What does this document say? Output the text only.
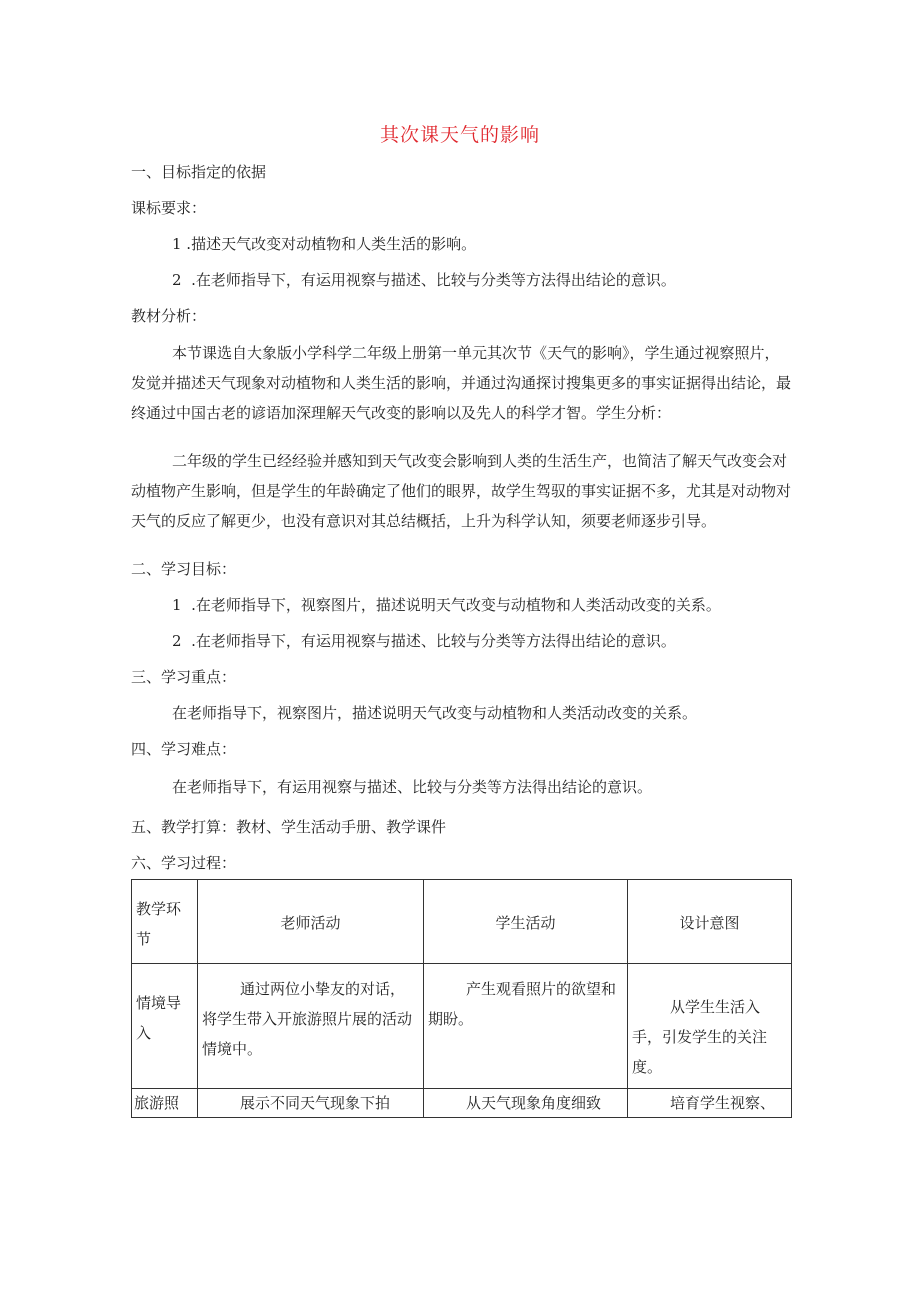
其次课天气的影响
一、目标指定的依据
课标要求：
1 .描述天气改变对动植物和人类生活的影响。
2  .在老师指导下，有运用视察与描述、比较与分类等方法得出结论的意识。
教材分析：
本节课选自大象版小学科学二年级上册第一单元其次节《天气的影响》，学生通过视察照片，发觉并描述天气现象对动植物和人类生活的影响，并通过沟通探讨搜集更多的事实证据得出结论，最终通过中国古老的谚语加深理解天气改变的影响以及先人的科学才智。学生分析：
二年级的学生已经经验并感知到天气改变会影响到人类的生活生产，也简洁了解天气改变会对动植物产生影响，但是学生的年龄确定了他们的眼界，故学生驾驭的事实证据不多，尤其是对动物对天气的反应了解更少，也没有意识对其总结概括，上升为科学认知，须要老师逐步引导。
二、学习目标：
1  .在老师指导下，视察图片，描述说明天气改变与动植物和人类活动改变的关系。
2  .在老师指导下，有运用视察与描述、比较与分类等方法得出结论的意识。
三、学习重点：
在老师指导下，视察图片，描述说明天气改变与动植物和人类活动改变的关系。
四、学习难点：
在老师指导下，有运用视察与描述、比较与分类等方法得出结论的意识。
五、教学打算：教材、学生活动手册、教学课件
六、学习过程：
教学环节	老师活动	学生活动	设计意图

情境导入	通过两位小挚友的对话，将学生带入开旅游照片展的活动情境中。	产生观看照片的欲望和期盼。	从学生生活入手，引发学生的关注度。

旅游照	展示不同天气现象下拍	从天气现象角度细致	培育学生视察、
